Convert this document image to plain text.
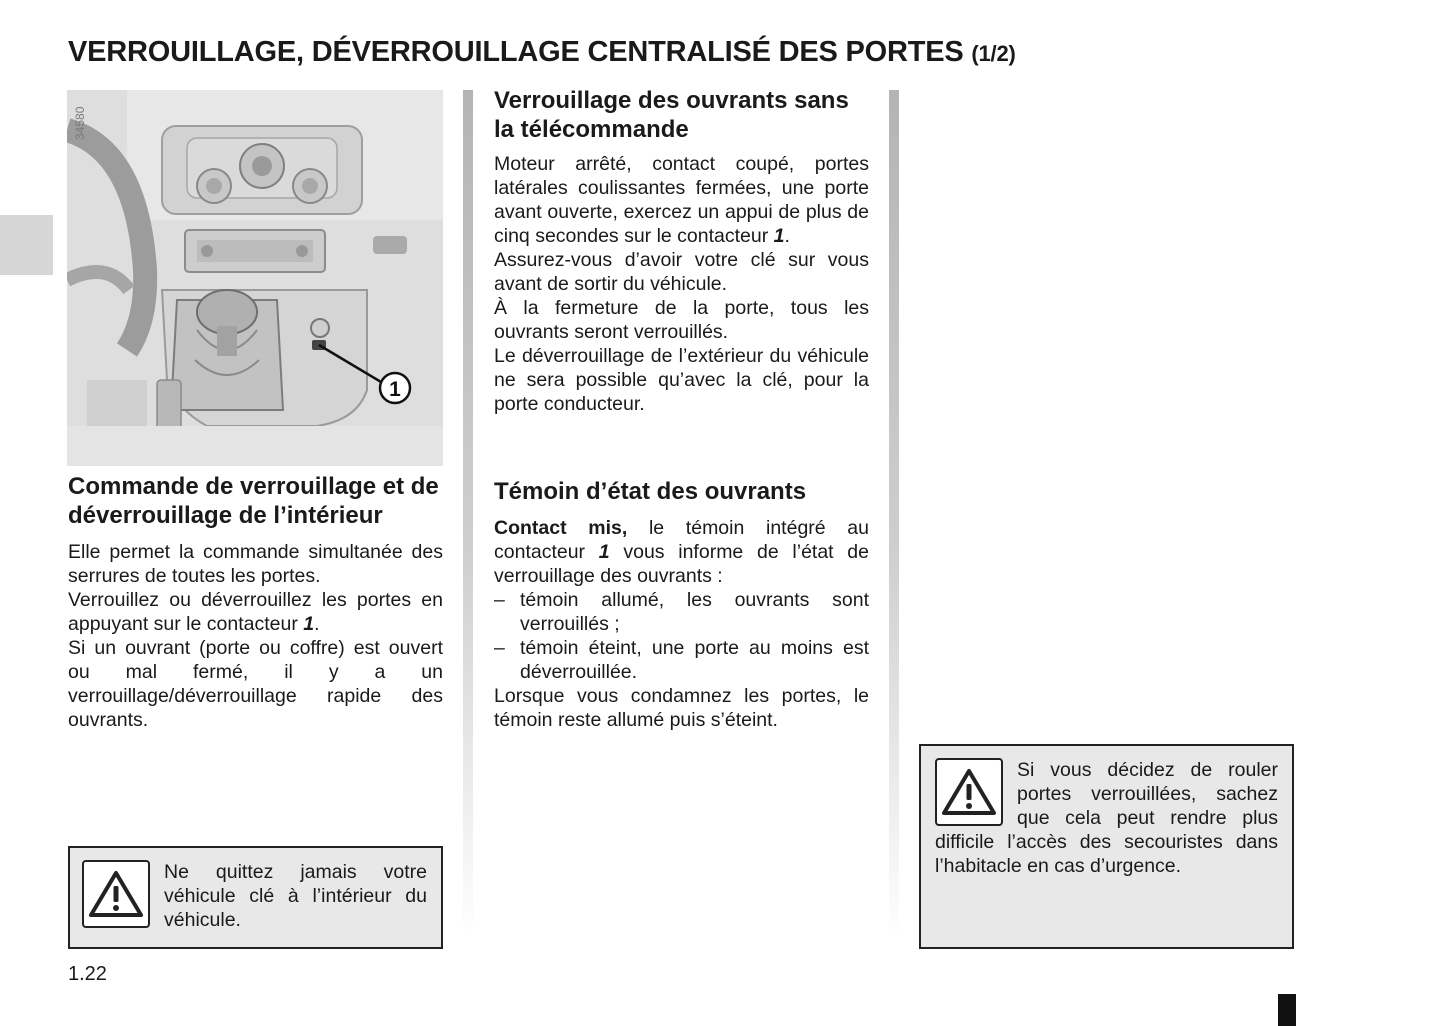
VERROUILLAGE, DÉVERROUILLAGE CENTRALISÉ DES PORTES (1/2)
1
34580
Commande de verrouillage et de déverrouillage de l’intérieur

Elle permet la commande simultanée des serrures de toutes les portes.

Verrouillez ou déverrouillez les portes en appuyant sur le contacteur 1.

Si un ouvrant (porte ou coffre) est ouvert ou mal fermé, il y a un verrouillage/déverrouillage rapide des ouvrants.

Ne quittez jamais votre véhicule clé à l’intérieur du véhicule.
Verrouillage des ouvrants sans la télécommande

Moteur arrêté, contact coupé, portes latérales coulissantes fermées, une porte avant ouverte, exercez un appui de plus de cinq secondes sur le contacteur 1.

Assurez-vous d’avoir votre clé sur vous avant de sortir du véhicule.

À la fermeture de la porte, tous les ouvrants seront verrouillés.

Le déverrouillage de l’extérieur du véhicule ne sera possible qu’avec la clé, pour la porte conducteur.

Témoin d’état des ouvrants

Contact mis, le témoin intégré au contacteur 1 vous informe de l’état de verrouillage des ouvrants :

– témoin allumé, les ouvrants sont verrouillés ;
– témoin éteint, une porte au moins est déverrouillée.

Lorsque vous condamnez les portes, le témoin reste allumé puis s’éteint.

Si vous décidez de rouler portes verrouillées, sachez que cela peut rendre plus difficile l’accès des secouristes dans l’habitacle en cas d’urgence.
1.22
